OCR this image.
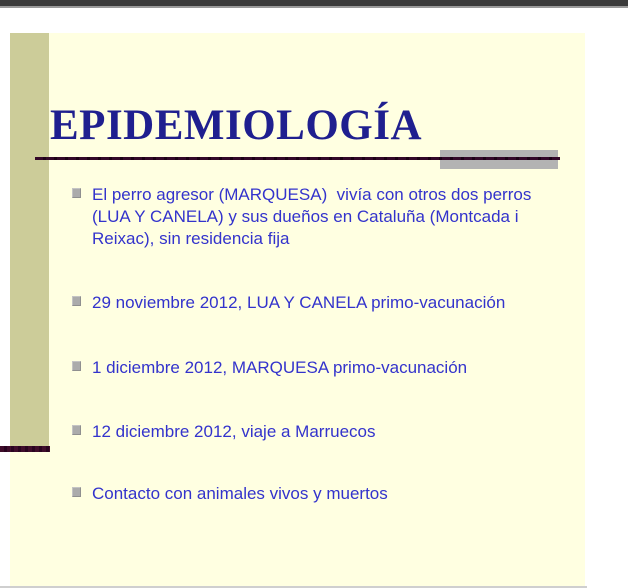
EPIDEMIOLOGÍA
El perro agresor (MARQUESA)  vivía con otros dos perros (LUA Y CANELA) y sus dueños en Cataluña (Montcada i Reixac), sin residencia fija
29 noviembre 2012, LUA Y CANELA primo-vacunación
1 diciembre 2012, MARQUESA primo-vacunación
12 diciembre 2012, viaje a Marruecos
Contacto con animales vivos y muertos
